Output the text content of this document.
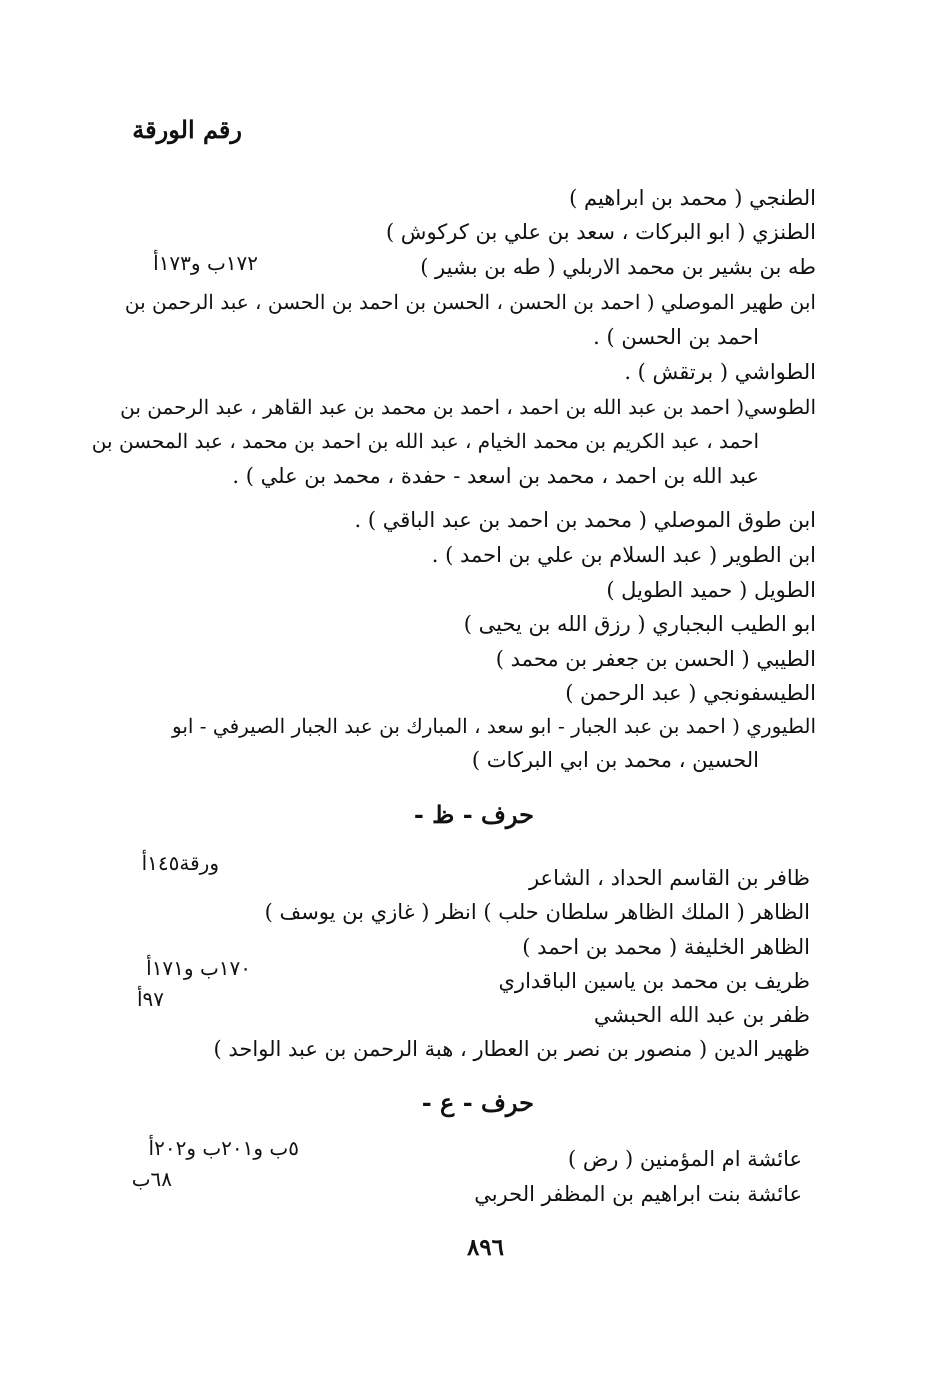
رقم الورقة
الطنجي ( محمد بن ابراهيم )
الطنزي ( ابو البركات ، سعد بن علي بن كركوش )
طه بن بشير بن محمد الاربلي ( طه بن بشير )
١٧٢ب و١٧٣أ
ابن طهير الموصلي ( احمد بن الحسن ، الحسن بن احمد بن الحسن ، عبد الرحمن بن
احمد بن الحسن ) .
الطواشي ( برتقش ) .
الطوسي( احمد بن عبد الله بن احمد ، احمد بن محمد بن عبد القاهر ، عبد الرحمن بن
احمد ، عبد الكريم بن محمد الخيام ، عبد الله بن احمد بن محمد ، عبد المحسن بن
عبد الله بن احمد ، محمد بن اسعد - حفدة ، محمد بن علي ) .
ابن طوق الموصلي ( محمد بن احمد بن عبد الباقي ) .
ابن الطوير ( عبد السلام بن علي بن احمد ) .
الطويل ( حميد الطويل )
ابو الطيب البجباري ( رزق الله بن يحيى )
الطيبي ( الحسن بن جعفر بن محمد )
الطيسفونجي ( عبد الرحمن )
الطيوري ( احمد بن عبد الجبار - ابو سعد ، المبارك بن عبد الجبار الصيرفي - ابو
الحسين ، محمد بن ابي البركات )
حرف - ظ -
ورقة١٤٥أ
ظافر بن القاسم الحداد ، الشاعر
الظاهر ( الملك الظاهر سلطان حلب ) انظر ( غازي بن يوسف )
الظاهر الخليفة ( محمد بن احمد )
١٧٠ب و١٧١أ
ظريف بن محمد بن ياسين الباقداري
٩٧أ
ظفر بن عبد الله الحبشي
ظهير الدين ( منصور بن نصر بن العطار ، هبة الرحمن بن عبد الواحد )
حرف - ع -
٥ب و٢٠١ب و٢٠٢أ	عائشة ام المؤمنين ( رض )
٦٨ب
عائشة بنت ابراهيم بن المظفر الحربي
٨٩٦
